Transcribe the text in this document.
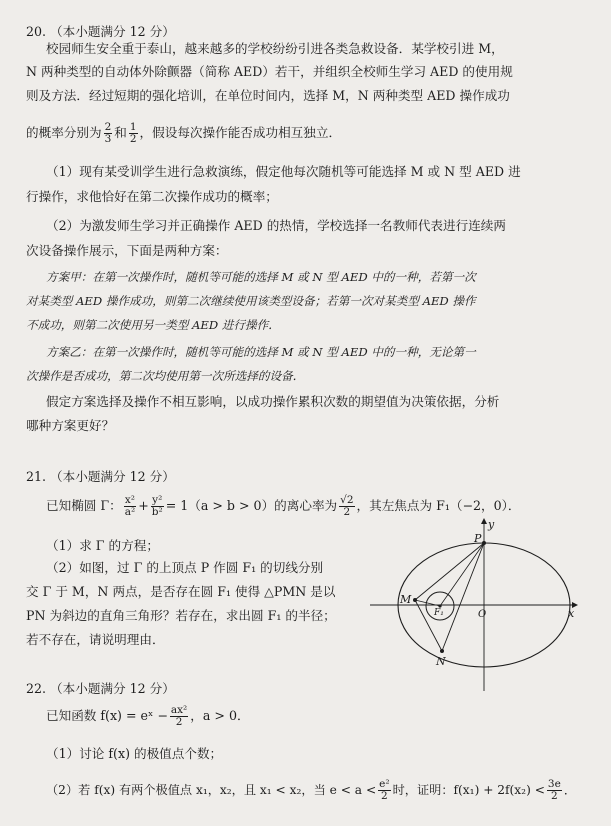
20. （本小题满分 12 分）
校园师生安全重于泰山，越来越多的学校纷纷引进各类急救设备．某学校引进 M，
N 两种类型的自动体外除颤器（简称 AED）若干，并组织全校师生学习 AED 的使用规
则及方法．经过短期的强化培训，在单位时间内，选择 M，N 两种类型 AED 操作成功
的概率分别为 $\frac{2}{3}$ 和 $\frac{1}{2}$ ，假设每次操作能否成功相互独立．
（1）现有某受训学生进行急救演练，假定他每次随机等可能选择 M 或 N 型 AED 进
行操作，求他恰好在第二次操作成功的概率；
（2）为激发师生学习并正确操作 AED 的热情，学校选择一名教师代表进行连续两
次设备操作展示，下面是两种方案：
方案甲：在第一次操作时，随机等可能的选择 M 或 N 型 AED 中的一种，若第一次
对某类型 AED 操作成功，则第二次继续使用该类型设备；若第一次对某类型 AED 操作
不成功，则第二次使用另一类型 AED 进行操作．
方案乙：在第一次操作时，随机等可能的选择 M 或 N 型 AED 中的一种，无论第一
次操作是否成功，第二次均使用第一次所选择的设备．
假定方案选择及操作不相互影响，以成功操作累积次数的期望值为决策依据，分析
哪种方案更好？
21. （本小题满分 12 分）
已知椭圆 Γ： $\frac{\text{x²}}{\text{a²}} + \frac{\text{y²}}{\text{b²}} = 1(a > b > 0)$的离心率为 $\frac{√2}{2}$ ，其左焦点为 F₁（−2，0）．
（1）求 Γ 的方程；
（2）如图，过 Γ 的上顶点 P 作圆 F₁ 的切线分别
交 Γ 于 M，N 两点，是否存在圆 F₁ 使得 △PMN 是以
PN 为斜边的直角三角形？若存在，求出圆 F₁ 的半径；
若不存在，请说明理由．
y
P
M
F₁	O	x
N
22. （本小题满分 12 分）
已知函数 f(x) = eˣ − $\frac{\text{ax²}}{2}$ ，a > 0．
（1）讨论 f(x) 的极值点个数；
（2）若 f(x) 有两个极值点 x₁，x₂，且 x₁ < x₂，当 $e < a < \frac{\text{e²}}{2}$ 时，证明：$f(x_1) + 2f(x_2) < \frac{3e}{2}$ ．
